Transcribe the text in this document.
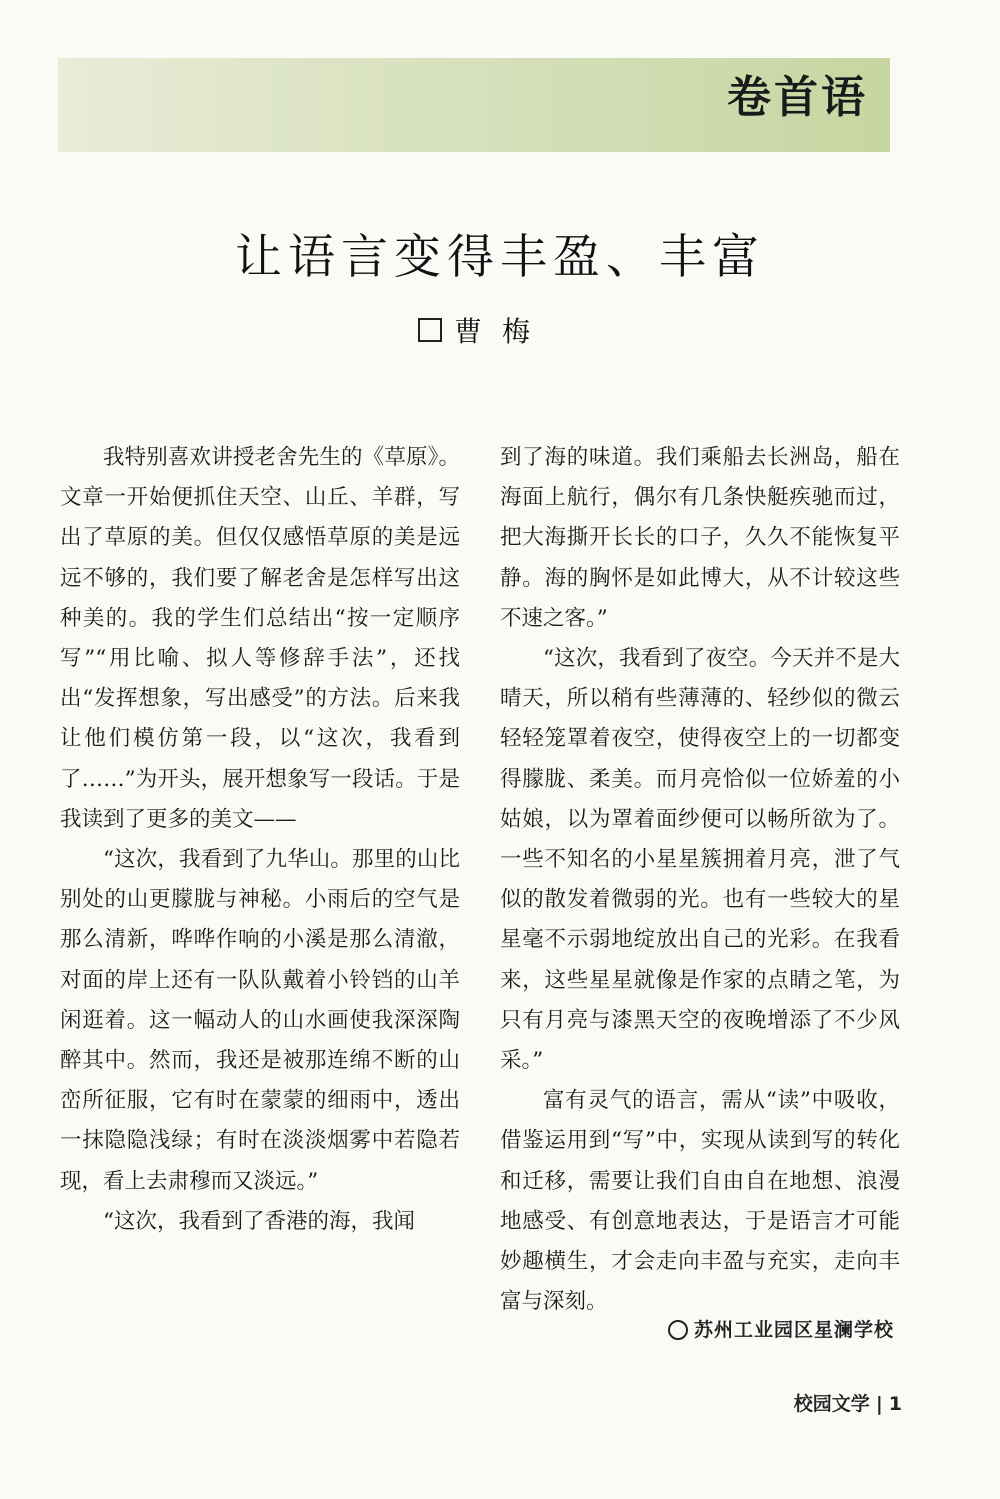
卷首语
让语言变得丰盈、丰富
曹梅

我特别喜欢讲授老舍先生的《草原》。文章一开始便抓住天空、山丘、羊群，写出了草原的美。但仅仅感悟草原的美是远远不够的，我们要了解老舍是怎样写出这种美的。我的学生们总结出“按一定顺序写”“用比喻、拟人等修辞手法”，还找出“发挥想象，写出感受”的方法。后来我让他们模仿第一段，以“这次，我看到了……”为开头，展开想象写一段话。于是我读到了更多的美文——

“这次，我看到了九华山。那里的山比别处的山更朦胧与神秘。小雨后的空气是那么清新，哗哗作响的小溪是那么清澈，对面的岸上还有一队队戴着小铃铛的山羊闲逛着。这一幅动人的山水画使我深深陶醉其中。然而，我还是被那连绵不断的山峦所征服，它有时在蒙蒙的细雨中，透出一抹隐隐浅绿；有时在淡淡烟雾中若隐若现，看上去肃穆而又淡远。”

“这次，我看到了香港的海，我闻

到了海的味道。我们乘船去长洲岛，船在海面上航行，偶尔有几条快艇疾驰而过，把大海撕开长长的口子，久久不能恢复平静。海的胸怀是如此博大，从不计较这些不速之客。”

“这次，我看到了夜空。今天并不是大晴天，所以稍有些薄薄的、轻纱似的微云轻轻笼罩着夜空，使得夜空上的一切都变得朦胧、柔美。而月亮恰似一位娇羞的小姑娘，以为罩着面纱便可以畅所欲为了。一些不知名的小星星簇拥着月亮，泄了气似的散发着微弱的光。也有一些较大的星星毫不示弱地绽放出自己的光彩。在我看来，这些星星就像是作家的点睛之笔，为只有月亮与漆黑天空的夜晚增添了不少风采。”

富有灵气的语言，需从“读”中吸收，借鉴运用到“写”中，实现从读到写的转化和迁移，需要让我们自由自在地想、浪漫地感受、有创意地表达，于是语言才可能妙趣横生，才会走向丰盈与充实，走向丰富与深刻。

苏州工业园区星澜学校
校园文学 | 1
